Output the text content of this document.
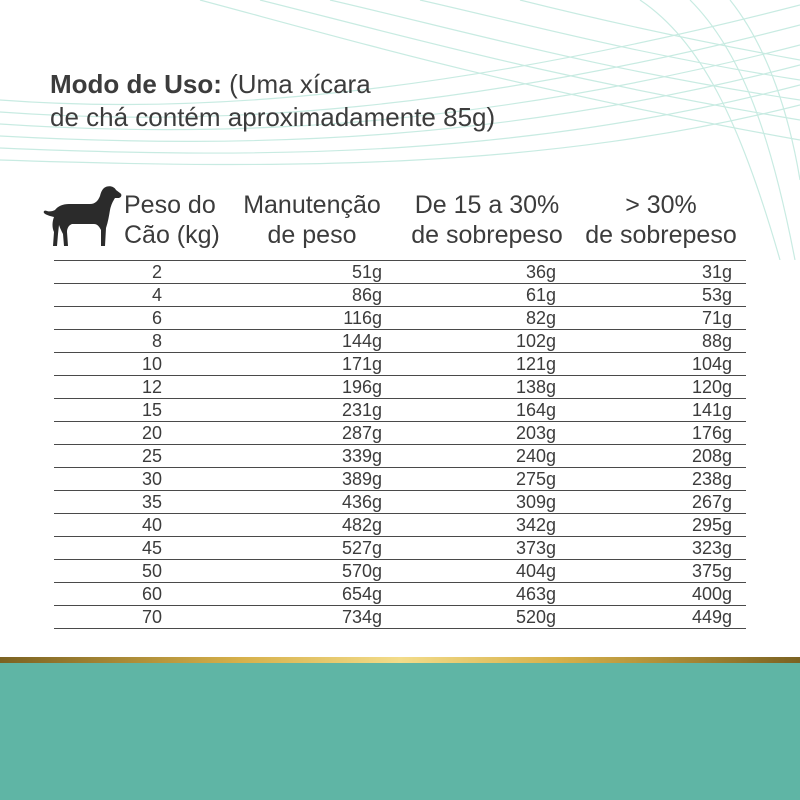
Modo de Uso: (Uma xícara
de chá contém aproximadamente 85g)
Peso do
Cão (kg)
Manutenção
de peso
De 15 a 30%
de sobrepeso
> 30%
de sobrepeso
2	51g	36g	31g
4	86g	61g	53g
6	116g	82g	71g
8	144g	102g	88g
10	171g	121g	104g
12	196g	138g	120g
15	231g	164g	141g
20	287g	203g	176g
25	339g	240g	208g
30	389g	275g	238g
35	436g	309g	267g
40	482g	342g	295g
45	527g	373g	323g
50	570g	404g	375g
60	654g	463g	400g
70	734g	520g	449g
